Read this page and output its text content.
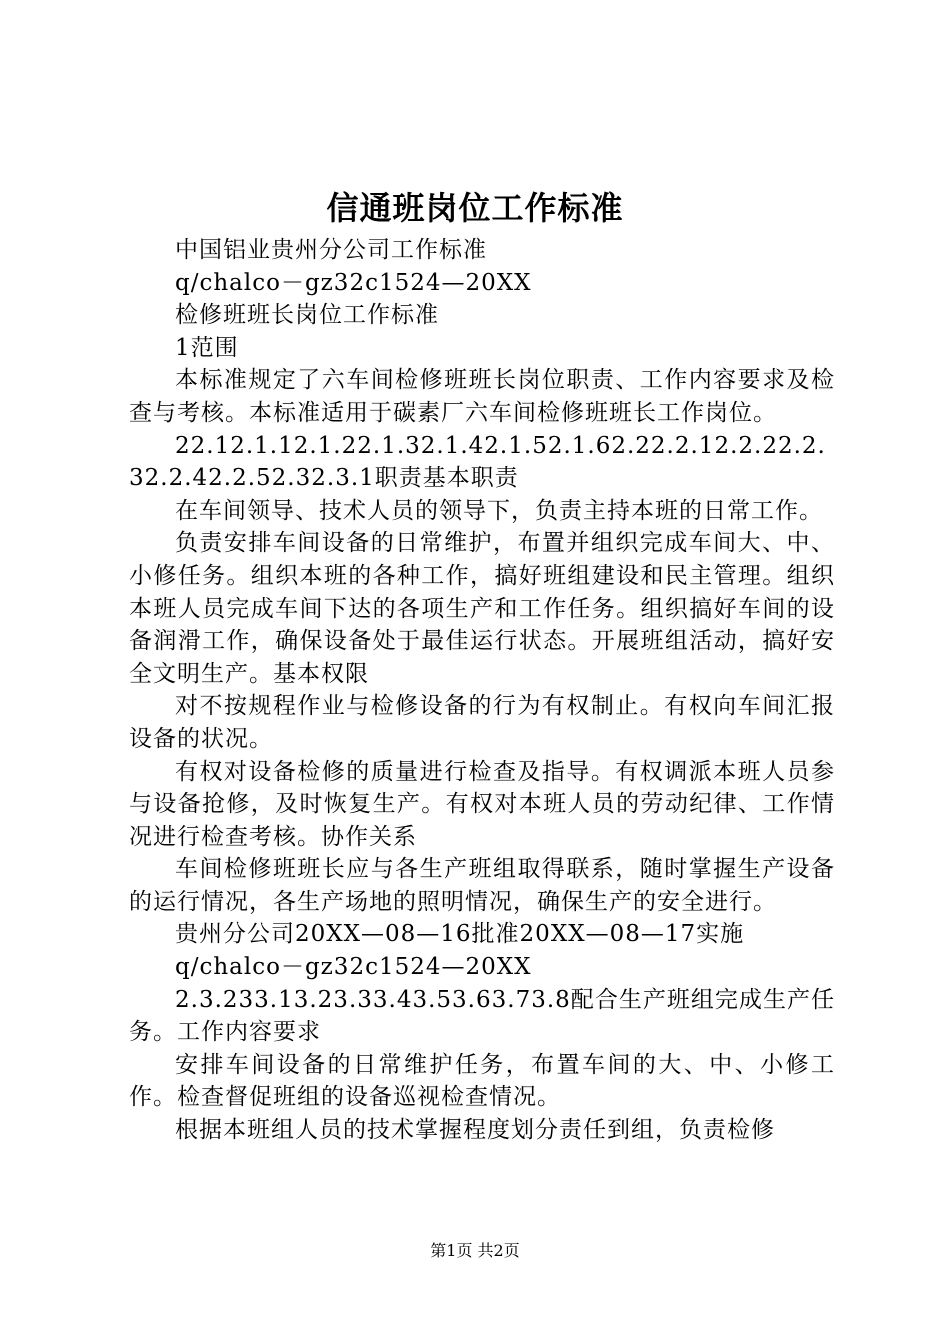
信通班岗位工作标准

中国铝业贵州分公司工作标准

q/chalco－gz32c1524—20XX

检修班班长岗位工作标准

1范围

本标准规定了六车间检修班班长岗位职责、工作内容要求及检查与考核。本标准适用于碳素厂六车间检修班班长工作岗位。

22.12.1.12.1.22.1.32.1.42.1.52.1.62.22.2.12.2.22.2.32.2.42.2.52.32.3.1职责基本职责

在车间领导、技术人员的领导下，负责主持本班的日常工作。

负责安排车间设备的日常维护，布置并组织完成车间大、中、小修任务。组织本班的各种工作，搞好班组建设和民主管理。组织本班人员完成车间下达的各项生产和工作任务。组织搞好车间的设备润滑工作，确保设备处于最佳运行状态。开展班组活动，搞好安全文明生产。基本权限

对不按规程作业与检修设备的行为有权制止。有权向车间汇报设备的状况。

有权对设备检修的质量进行检查及指导。有权调派本班人员参与设备抢修，及时恢复生产。有权对本班人员的劳动纪律、工作情况进行检查考核。协作关系

车间检修班班长应与各生产班组取得联系，随时掌握生产设备的运行情况，各生产场地的照明情况，确保生产的安全进行。

贵州分公司20XX—08—16批准20XX—08—17实施

q/chalco－gz32c1524—20XX

2.3.233.13.23.33.43.53.63.73.8配合生产班组完成生产任务。工作内容要求

安排车间设备的日常维护任务，布置车间的大、中、小修工作。检查督促班组的设备巡视检查情况。

根据本班组人员的技术掌握程度划分责任到组，负责检修

第1页 共2页
